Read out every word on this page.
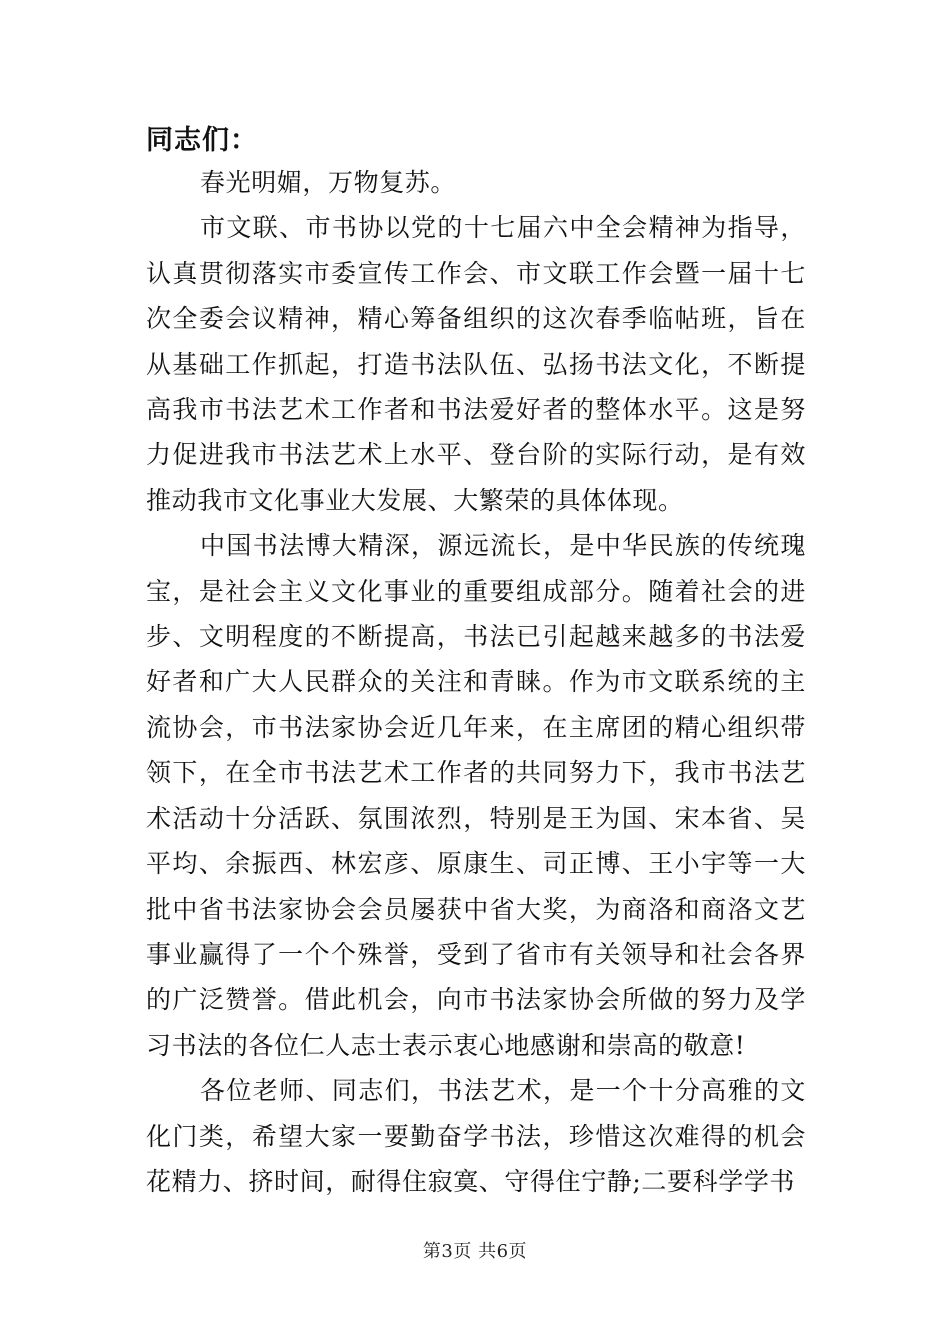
同志们：

春光明媚，万物复苏。

市文联、市书协以党的十七届六中全会精神为指导，认真贯彻落实市委宣传工作会、市文联工作会暨一届十七次全委会议精神，精心筹备组织的这次春季临帖班，旨在从基础工作抓起，打造书法队伍、弘扬书法文化，不断提高我市书法艺术工作者和书法爱好者的整体水平。这是努力促进我市书法艺术上水平、登台阶的实际行动，是有效推动我市文化事业大发展、大繁荣的具体体现。

中国书法博大精深，源远流长，是中华民族的传统瑰宝，是社会主义文化事业的重要组成部分。随着社会的进步、文明程度的不断提高，书法已引起越来越多的书法爱好者和广大人民群众的关注和青睐。作为市文联系统的主流协会，市书法家协会近几年来，在主席团的精心组织带领下，在全市书法艺术工作者的共同努力下，我市书法艺术活动十分活跃、氛围浓烈，特别是王为国、宋本省、吴平均、余振西、林宏彦、原康生、司正博、王小宇等一大批中省书法家协会会员屡获中省大奖，为商洛和商洛文艺事业赢得了一个个殊誉，受到了省市有关领导和社会各界的广泛赞誉。借此机会，向市书法家协会所做的努力及学习书法的各位仁人志士表示衷心地感谢和崇高的敬意!

各位老师、同志们，书法艺术，是一个十分高雅的文化门类，希望大家一要勤奋学书法，珍惜这次难得的机会花精力、挤时间，耐得住寂寞、守得住宁静;二要科学学书

第3页 共6页
